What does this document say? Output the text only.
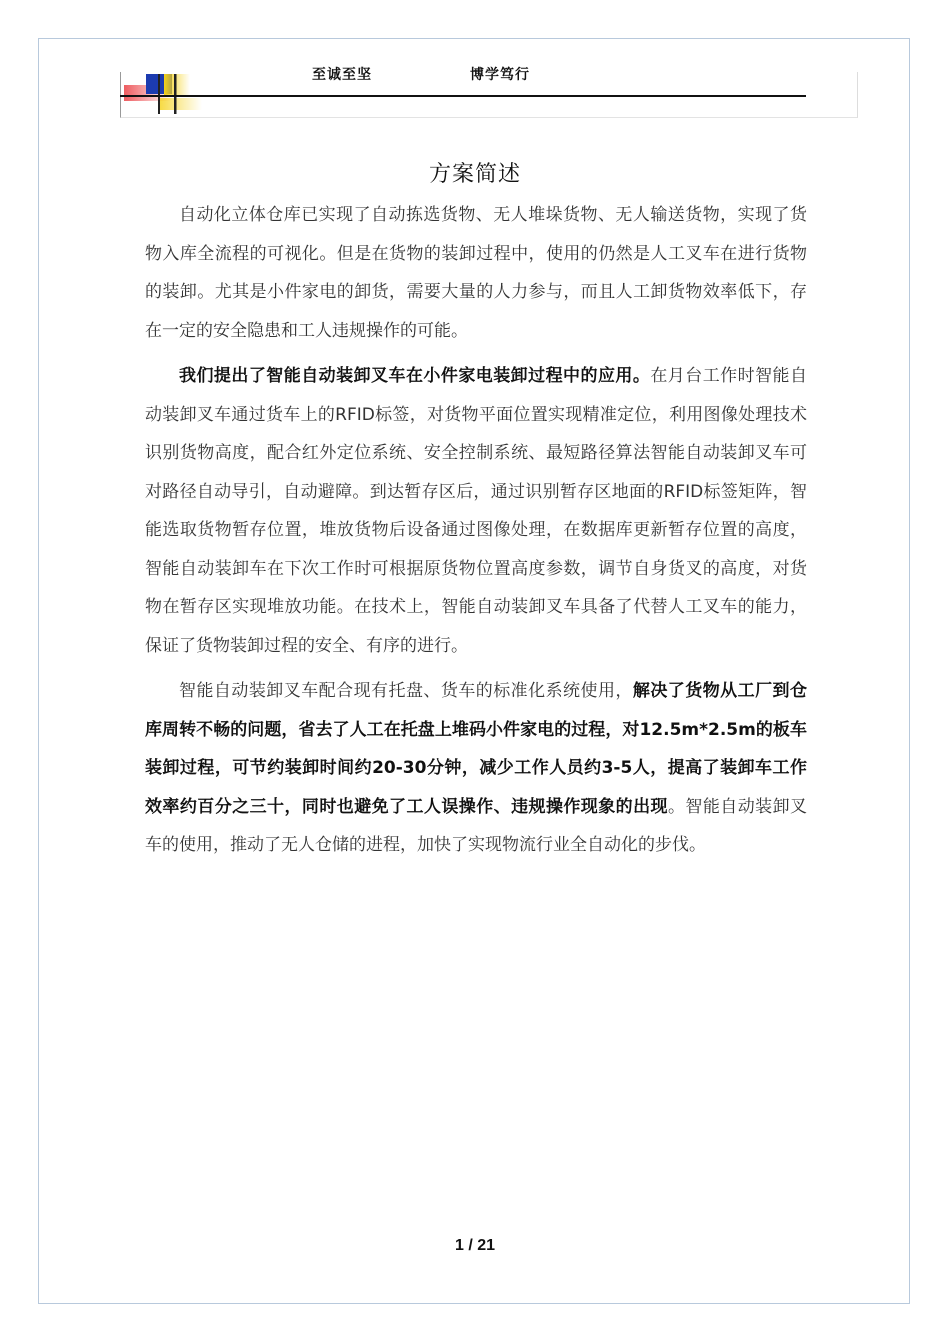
至诚至坚	博学笃行
方案简述

自动化立体仓库已实现了自动拣选货物、无人堆垛货物、无人输送货物，实现了货物入库全流程的可视化。但是在货物的装卸过程中，使用的仍然是人工叉车在进行货物的装卸。尤其是小件家电的卸货，需要大量的人力参与，而且人工卸货物效率低下，存在一定的安全隐患和工人违规操作的可能。

我们提出了智能自动装卸叉车在小件家电装卸过程中的应用。在月台工作时智能自动装卸叉车通过货车上的RFID标签，对货物平面位置实现精准定位，利用图像处理技术识别货物高度，配合红外定位系统、安全控制系统、最短路径算法智能自动装卸叉车可对路径自动导引，自动避障。到达暂存区后，通过识别暂存区地面的RFID标签矩阵，智能选取货物暂存位置，堆放货物后设备通过图像处理，在数据库更新暂存位置的高度，智能自动装卸车在下次工作时可根据原货物位置高度参数，调节自身货叉的高度，对货物在暂存区实现堆放功能。在技术上，智能自动装卸叉车具备了代替人工叉车的能力，保证了货物装卸过程的安全、有序的进行。

智能自动装卸叉车配合现有托盘、货车的标准化系统使用，解决了货物从工厂到仓库周转不畅的问题，省去了人工在托盘上堆码小件家电的过程，对12.5m*2.5m的板车装卸过程，可节约装卸时间约20-30分钟，减少工作人员约3-5人，提高了装卸车工作效率约百分之三十，同时也避免了工人误操作、违规操作现象的出现。智能自动装卸叉车的使用，推动了无人仓储的进程，加快了实现物流行业全自动化的步伐。

1 / 21
